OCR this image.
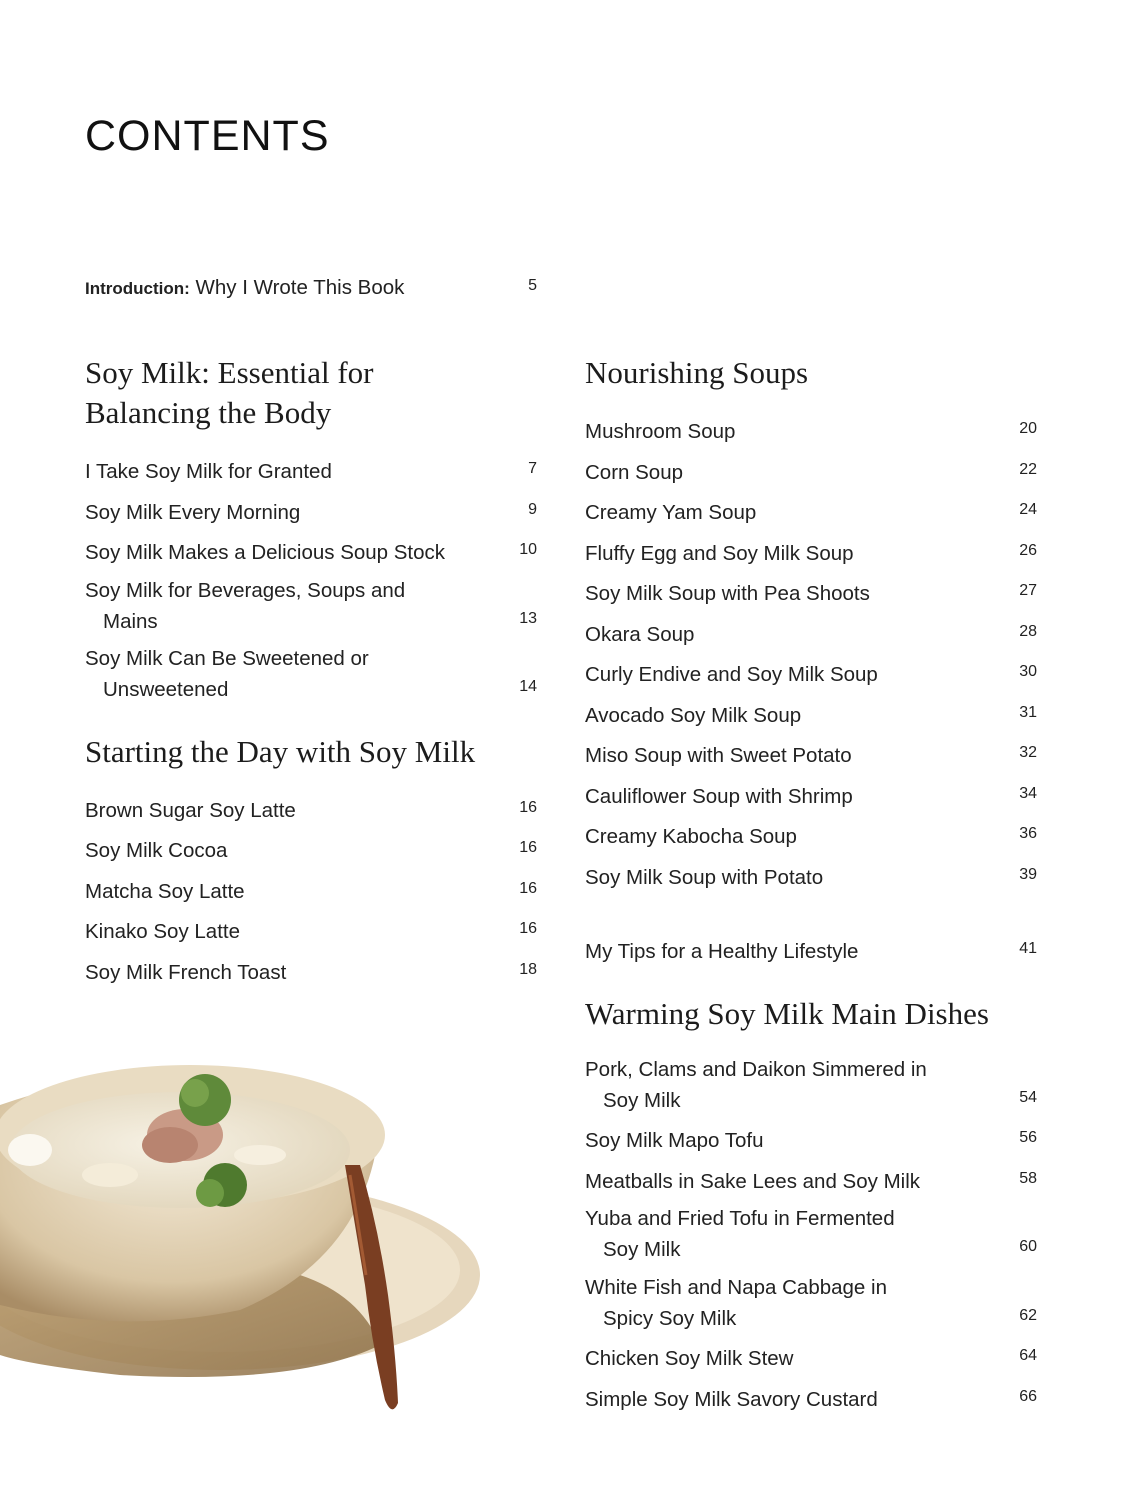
CONTENTS
Introduction: Why I Wrote This Book	5
Soy Milk: Essential for
Balancing the Body
I Take Soy Milk for Granted	7
Soy Milk Every Morning	9
Soy Milk Makes a Delicious Soup Stock	10
Soy Milk for Beverages, Soups and
Mains	13
Soy Milk Can Be Sweetened or
Unsweetened	14
Starting the Day with Soy Milk
Brown Sugar Soy Latte	16
Soy Milk Cocoa	16
Matcha Soy Latte	16
Kinako Soy Latte	16
Soy Milk French Toast	18
Nourishing Soups
Mushroom Soup	20
Corn Soup	22
Creamy Yam Soup	24
Fluffy Egg and Soy Milk Soup	26
Soy Milk Soup with Pea Shoots	27
Okara Soup	28
Curly Endive and Soy Milk Soup	30
Avocado Soy Milk Soup	31
Miso Soup with Sweet Potato	32
Cauliflower Soup with Shrimp	34
Creamy Kabocha Soup	36
Soy Milk Soup with Potato	39
My Tips for a Healthy Lifestyle	41
Warming Soy Milk Main Dishes
Pork, Clams and Daikon Simmered in
Soy Milk	54
Soy Milk Mapo Tofu	56
Meatballs in Sake Lees and Soy Milk	58
Yuba and Fried Tofu in Fermented
Soy Milk	60
White Fish and Napa Cabbage in
Spicy Soy Milk	62
Chicken Soy Milk Stew	64
Simple Soy Milk Savory Custard	66
